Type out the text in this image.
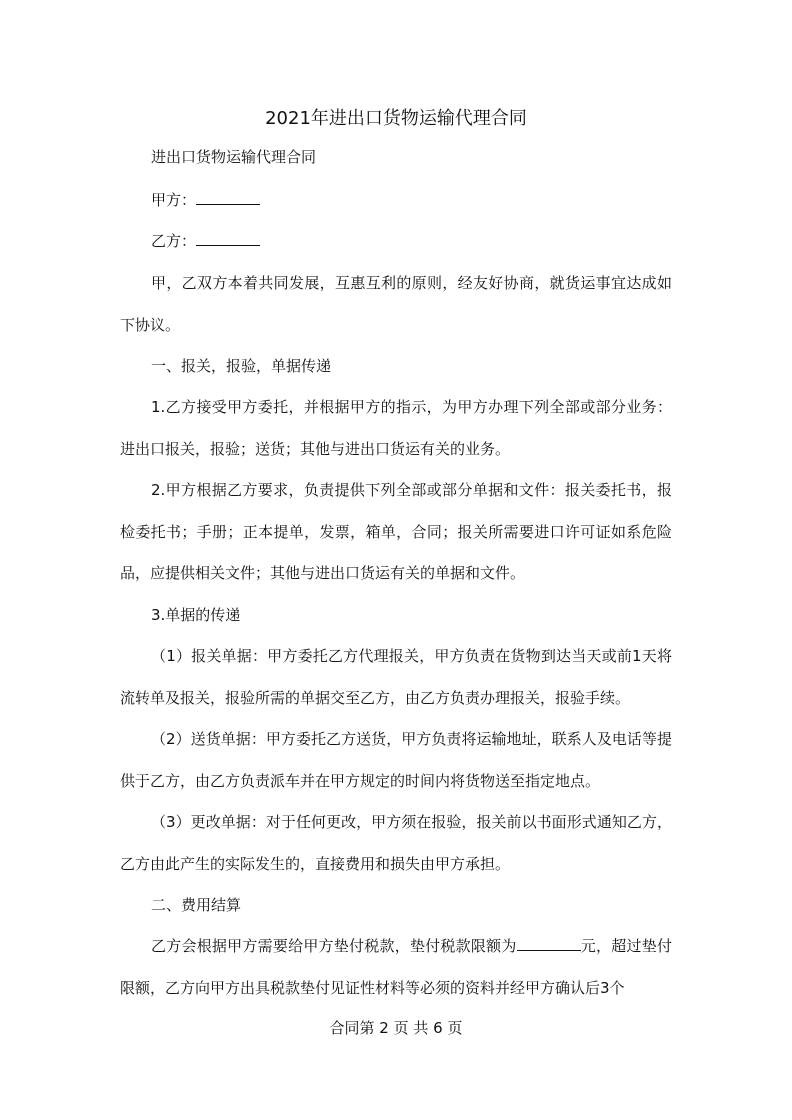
2021年进出口货物运输代理合同

进出口货物运输代理合同

甲方：

乙方：

甲，乙双方本着共同发展，互惠互利的原则，经友好协商，就货运事宜达成如下协议。

一、报关，报验，单据传递

1.乙方接受甲方委托，并根据甲方的指示，为甲方办理下列全部或部分业务：进出口报关，报验；送货；其他与进出口货运有关的业务。

2.甲方根据乙方要求，负责提供下列全部或部分单据和文件：报关委托书，报检委托书；手册；正本提单，发票，箱单，合同；报关所需要进口许可证如系危险品，应提供相关文件；其他与进出口货运有关的单据和文件。

3.单据的传递

（1）报关单据：甲方委托乙方代理报关，甲方负责在货物到达当天或前1天将流转单及报关，报验所需的单据交至乙方，由乙方负责办理报关，报验手续。

（2）送货单据：甲方委托乙方送货，甲方负责将运输地址，联系人及电话等提供于乙方，由乙方负责派车并在甲方规定的时间内将货物送至指定地点。

（3）更改单据：对于任何更改，甲方须在报验，报关前以书面形式通知乙方，乙方由此产生的实际发生的，直接费用和损失由甲方承担。

二、费用结算

乙方会根据甲方需要给甲方垫付税款，垫付税款限额为	元，超过垫付限额，乙方向甲方出具税款垫付见证性材料等必须的资料并经甲方确认后3个

合同第 2 页 共 6 页
